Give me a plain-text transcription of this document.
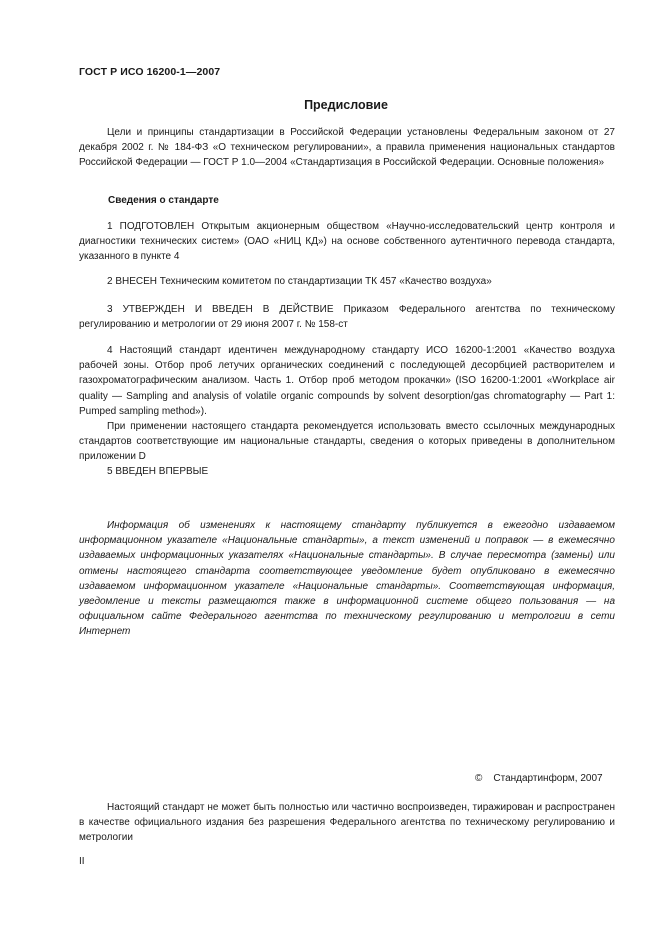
ГОСТ Р ИСО 16200-1—2007
Предисловие

Цели и принципы стандартизации в Российской Федерации установлены Федеральным законом от 27 декабря 2002 г. № 184-ФЗ «О техническом регулировании», а правила применения национальных стандартов Российской Федерации — ГОСТ Р 1.0—2004 «Стандартизация в Российской Федерации. Основные положения»

Сведения о стандарте

1 ПОДГОТОВЛЕН Открытым акционерным обществом «Научно-исследовательский центр контроля и диагностики технических систем» (ОАО «НИЦ КД») на основе собственного аутентичного перевода стандарта, указанного в пункте 4

2 ВНЕСЕН Техническим комитетом по стандартизации ТК 457 «Качество воздуха»

3 УТВЕРЖДЕН И ВВЕДЕН В ДЕЙСТВИЕ Приказом Федерального агентства по техническому регулированию и метрологии от 29 июня 2007 г. № 158-ст

4 Настоящий стандарт идентичен международному стандарту ИСО 16200-1:2001 «Качество воздуха рабочей зоны. Отбор проб летучих органических соединений с последующей десорбцией растворителем и газохроматографическим анализом. Часть 1. Отбор проб методом прокачки» (ISO 16200-1:2001 «Workplace air quality — Sampling and analysis of volatile organic compounds by solvent desorption/gas chromatography — Part 1: Pumped sampling method»).

При применении настоящего стандарта рекомендуется использовать вместо ссылочных международных стандартов соответствующие им национальные стандарты, сведения о которых приведены в дополнительном приложении D

5 ВВЕДЕН ВПЕРВЫЕ

Информация об изменениях к настоящему стандарту публикуется в ежегодно издаваемом информационном указателе «Национальные стандарты», а текст изменений и поправок — в ежемесячно издаваемых информационных указателях «Национальные стандарты». В случае пересмотра (замены) или отмены настоящего стандарта соответствующее уведомление будет опубликовано в ежемесячно издаваемом информационном указателе «Национальные стандарты». Соответствующая информация, уведомление и тексты размещаются также в информационной системе общего пользования — на официальном сайте Федерального агентства по техническому регулированию и метрологии в сети Интернет

© Стандартинформ, 2007

Настоящий стандарт не может быть полностью или частично воспроизведен, тиражирован и распространен в качестве официального издания без разрешения Федерального агентства по техническому регулированию и метрологии

II
